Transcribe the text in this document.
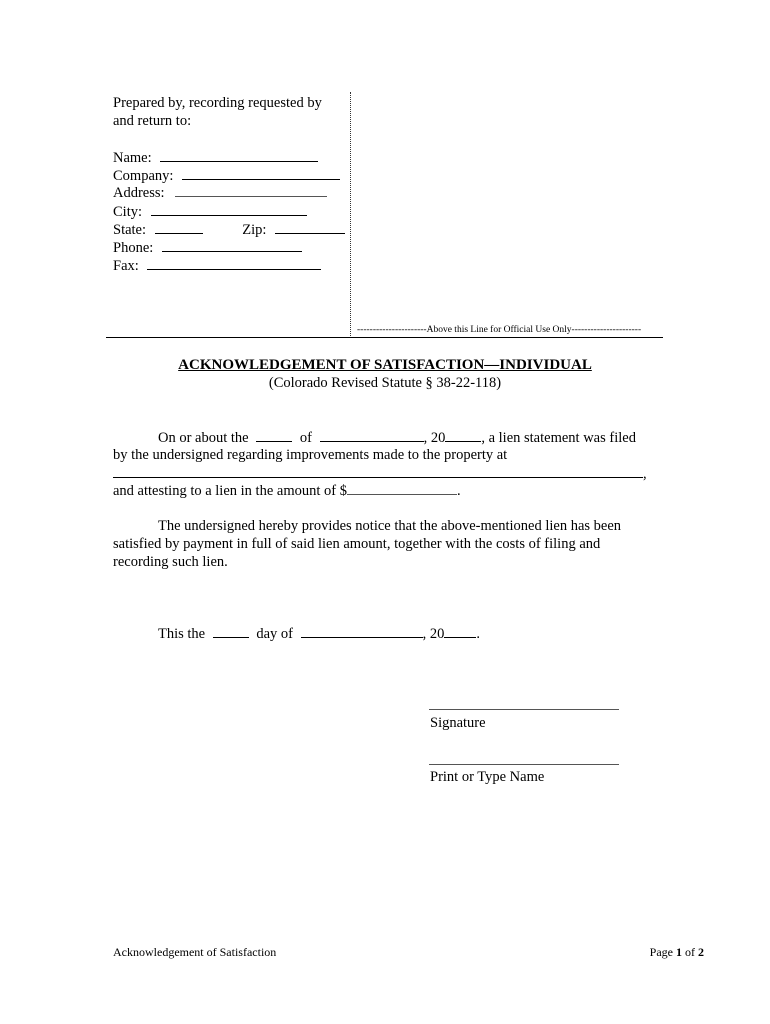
Prepared by, recording requested by
and return to:
Name:
Company:
Address:
City:
State:	Zip:
Phone:
Fax:
----------------------Above this Line for Official Use Only----------------------
ACKNOWLEDGEMENT OF SATISFACTION—INDIVIDUAL
(Colorado Revised Statute § 38-22-118)
On or about the	of	, 20 , a lien statement was filed
by the undersigned regarding improvements made to the property at
,
and attesting to a lien in the amount of $	.
The undersigned hereby provides notice that the above-mentioned lien has been
satisfied by payment in full of said lien amount, together with the costs of filing and
recording such lien.
This the	day of	, 20 .
Signature
Print or Type Name
Acknowledgement of Satisfaction	Page 1 of 2
